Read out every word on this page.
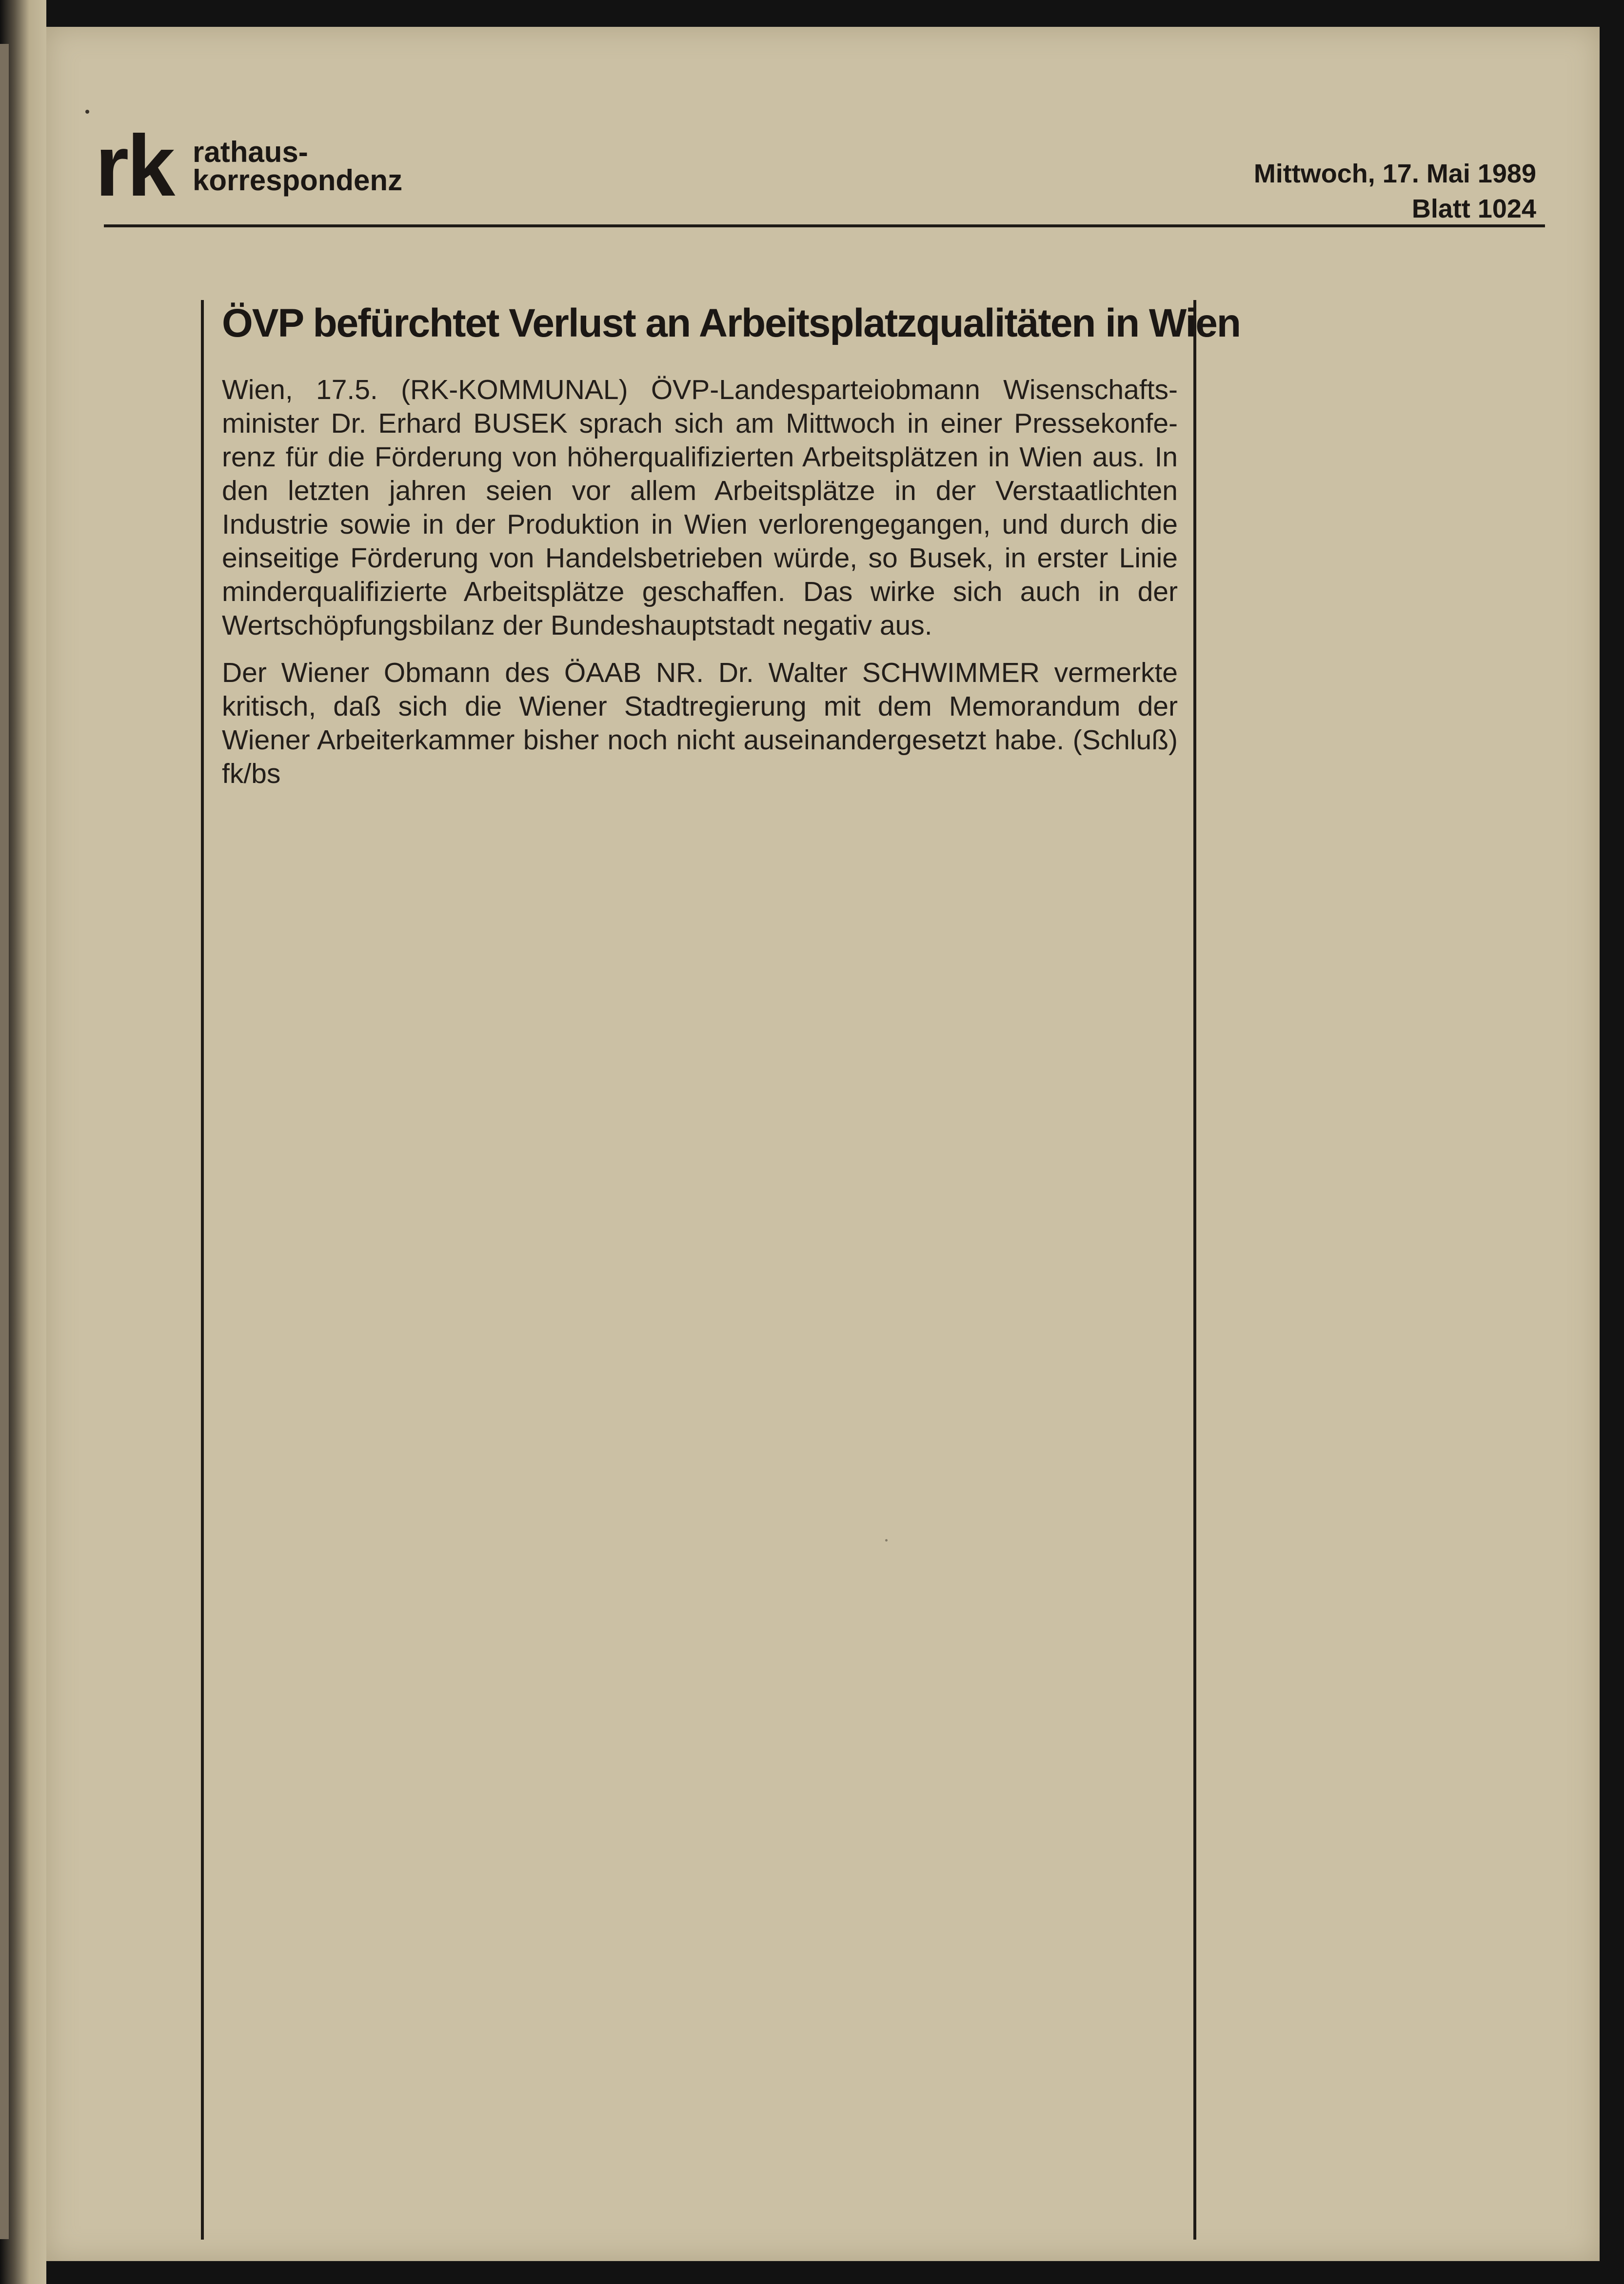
rk rathaus-
korrespondenz	Mittwoch, 17. Mai 1989
Blatt 1024
ÖVP befürchtet Verlust an Arbeitsplatzqualitäten in Wien

Wien, 17.5. (RK-KOMMUNAL) ÖVP-Landesparteiobmann Wisenschaftsminister Dr. Erhard BUSEK sprach sich am Mittwoch in einer Pressekonferenz für die Förderung von höherqualifizierten Arbeitsplätzen in Wien aus. In den letzten jahren seien vor allem Arbeitsplätze in der Verstaatlichten Industrie sowie in der Produktion in Wien verlorengegangen, und durch die einseitige Förderung von Handelsbetrieben würde, so Busek, in erster Linie minderqualifizierte Arbeitsplätze geschaffen. Das wirke sich auch in der Wertschöpfungsbilanz der Bundeshauptstadt negativ aus.

Der Wiener Obmann des ÖAAB NR. Dr. Walter SCHWIMMER vermerkte kritisch, daß sich die Wiener Stadtregierung mit dem Memorandum der Wiener Arbeiterkammer bisher noch nicht auseinandergesetzt habe. (Schluß) fk/bs
